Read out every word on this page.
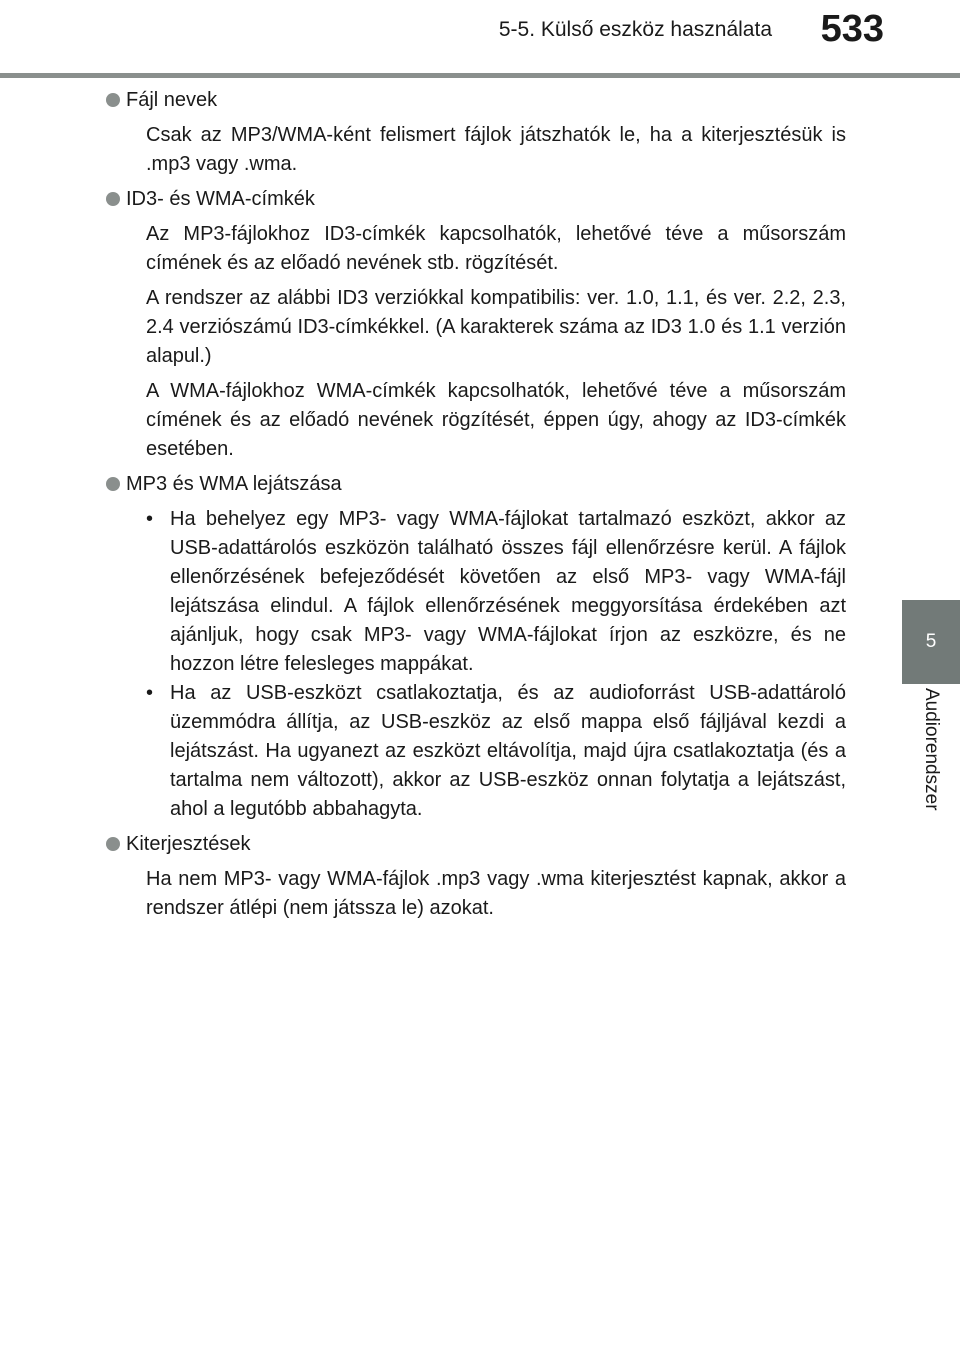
5-5. Külső eszköz használata 533
5
Audiorendszer
Fájl nevek

Csak az MP3/WMA-ként felismert fájlok játszhatók le, ha a kiterjesztésük is .mp3 vagy .wma.

ID3- és WMA-címkék

Az MP3-fájlokhoz ID3-címkék kapcsolhatók, lehetővé téve a műsorszám címének és az előadó nevének stb. rögzítését.

A rendszer az alábbi ID3 verziókkal kompatibilis: ver. 1.0, 1.1, és ver. 2.2, 2.3, 2.4 verziószámú ID3-címkékkel. (A karakterek száma az ID3 1.0 és 1.1 verzión alapul.)

A WMA-fájlokhoz WMA-címkék kapcsolhatók, lehetővé téve a műsorszám címének és az előadó nevének rögzítését, éppen úgy, ahogy az ID3-címkék esetében.

MP3 és WMA lejátszása
• Ha behelyez egy MP3- vagy WMA-fájlokat tartalmazó eszközt, akkor az USB-adattárolós eszközön található összes fájl ellenőrzésre kerül. A fájlok ellenőrzésének befejeződését követően az első MP3- vagy WMA-fájl lejátszása elindul. A fájlok ellenőrzésének meggyorsítása érdekében azt ajánljuk, hogy csak MP3- vagy WMA-fájlokat írjon az eszközre, és ne hozzon létre felesleges mappákat.
• Ha az USB-eszközt csatlakoztatja, és az audioforrást USB-adattároló üzemmódra állítja, az USB-eszköz az első mappa első fájljával kezdi a lejátszást. Ha ugyanezt az eszközt eltávolítja, majd újra csatlakoztatja (és a tartalma nem változott), akkor az USB-eszköz onnan folytatja a lejátszást, ahol a legutóbb abbahagyta.
Kiterjesztések

Ha nem MP3- vagy WMA-fájlok .mp3 vagy .wma kiterjesztést kapnak, akkor a rendszer átlépi (nem játssza le) azokat.
